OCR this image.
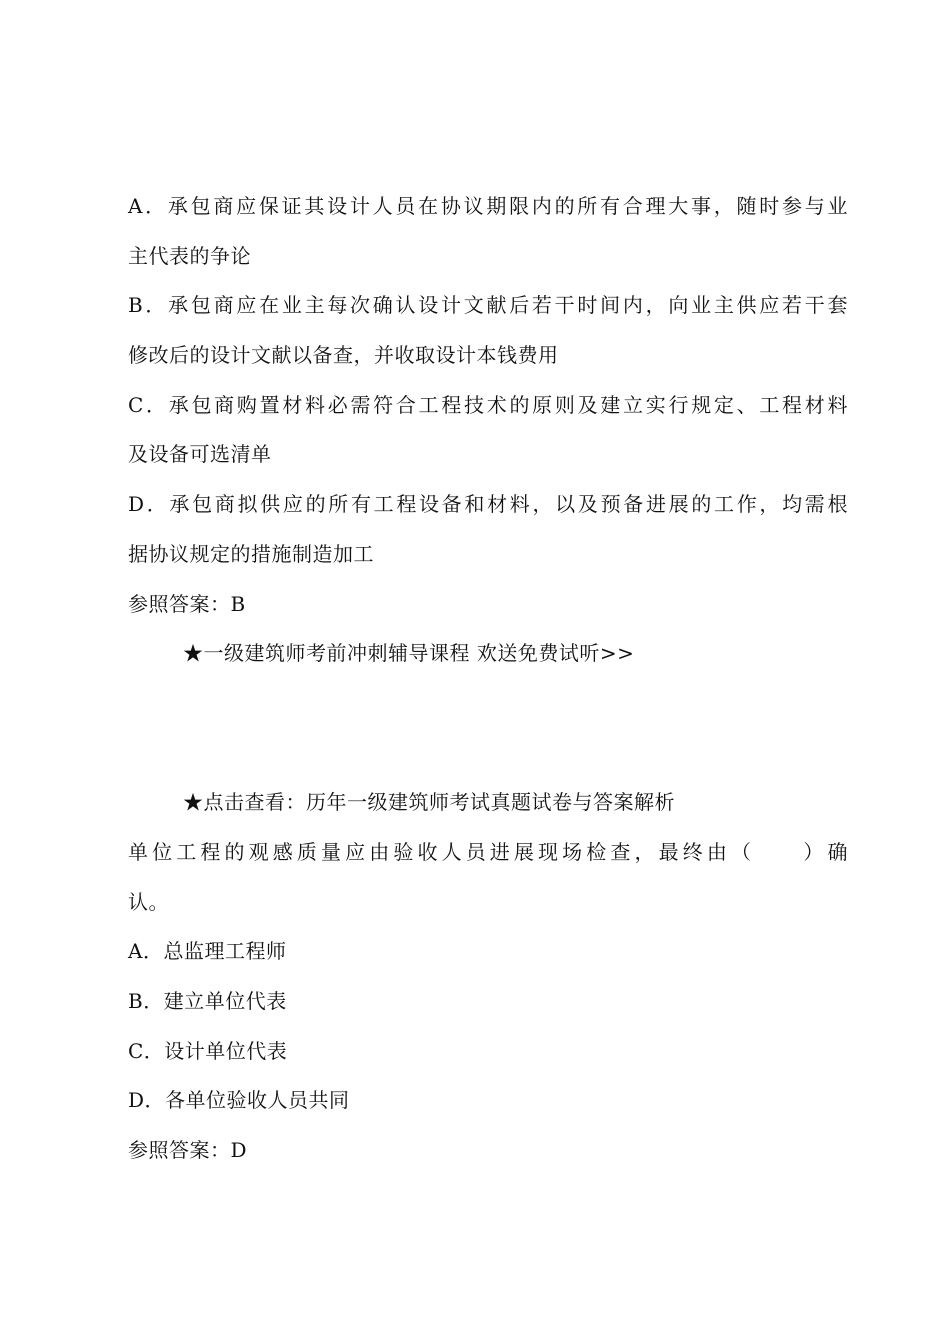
A．承包商应保证其设计人员在协议期限内的所有合理大事，随时参与业
主代表的争论
B．承包商应在业主每次确认设计文献后若干时间内，向业主供应若干套
修改后的设计文献以备查，并收取设计本钱费用
C．承包商购置材料必需符合工程技术的原则及建立实行规定、工程材料
及设备可选清单
D．承包商拟供应的所有工程设备和材料，以及预备进展的工作，均需根
据协议规定的措施制造加工
参照答案：B
★一级建筑师考前冲刺辅导课程 欢送免费试听>>
★点击查看：历年一级建筑师考试真题试卷与答案解析
单位工程的观感质量应由验收人员进展现场检查，最终由（　　）确
认。
A．总监理工程师
B．建立单位代表
C．设计单位代表
D．各单位验收人员共同
参照答案：D
